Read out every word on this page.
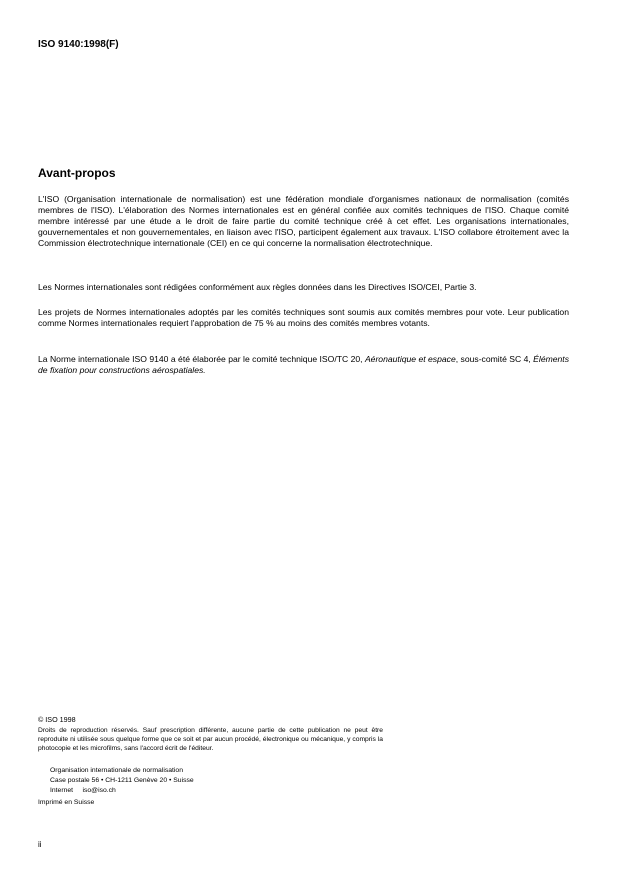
ISO 9140:1998(F)
Avant-propos

L'ISO (Organisation internationale de normalisation) est une fédération mondiale d'organismes nationaux de normalisation (comités membres de l'ISO). L'élaboration des Normes internationales est en général confiée aux comités techniques de l'ISO. Chaque comité membre intéressé par une étude a le droit de faire partie du comité technique créé à cet effet. Les organisations internationales, gouvernementales et non gouvernementales, en liaison avec l'ISO, participent également aux travaux. L'ISO collabore étroitement avec la Commission électrotechnique internationale (CEI) en ce qui concerne la normalisation électrotechnique.

Les Normes internationales sont rédigées conformément aux règles données dans les Directives ISO/CEI, Partie 3.

Les projets de Normes internationales adoptés par les comités techniques sont soumis aux comités membres pour vote. Leur publication comme Normes internationales requiert l'approbation de 75 % au moins des comités membres votants.

La Norme internationale ISO 9140 a été élaborée par le comité technique ISO/TC 20, Aéronautique et espace, sous-comité SC 4, Éléments de fixation pour constructions aérospatiales.

© ISO 1998

Droits de reproduction réservés. Sauf prescription différente, aucune partie de cette publication ne peut être reproduite ni utilisée sous quelque forme que ce soit et par aucun procédé, électronique ou mécanique, y compris la photocopie et les microfilms, sans l'accord écrit de l'éditeur.

Organisation internationale de normalisation
Case postale 56 • CH-1211 Genève 20 • Suisse
Internet     iso@iso.ch
Imprimé en Suisse
ii
